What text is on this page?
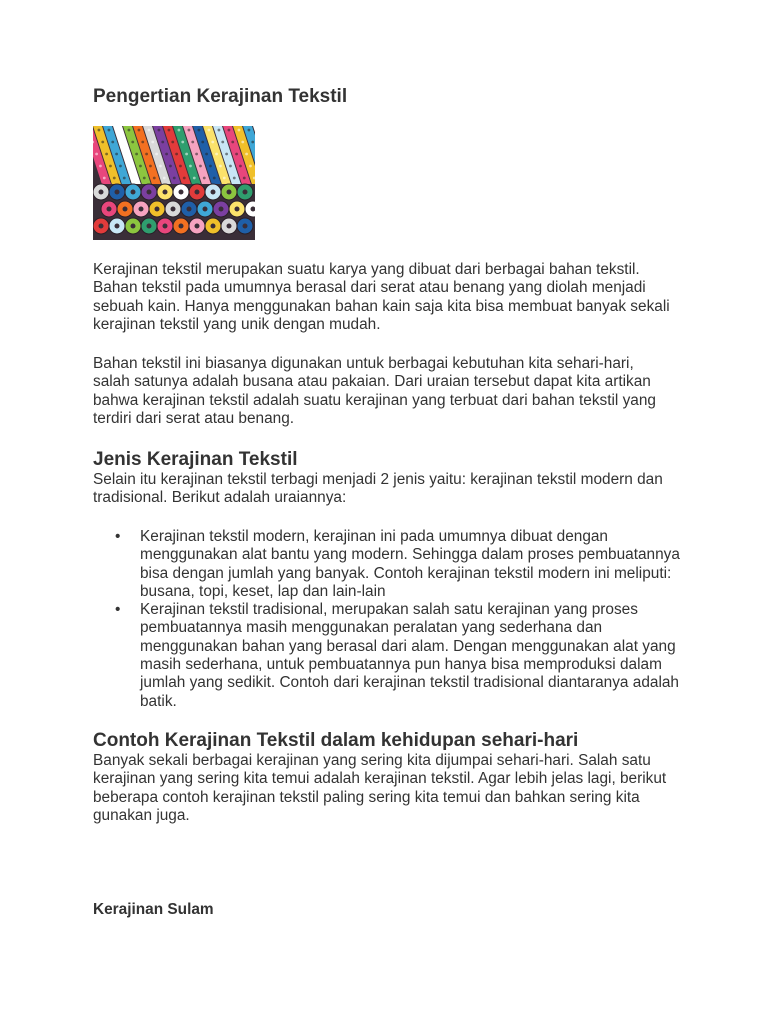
Pengertian Kerajinan Tekstil

Kerajinan tekstil merupakan suatu karya yang dibuat dari berbagai bahan tekstil. Bahan tekstil pada umumnya berasal dari serat atau benang yang diolah menjadi sebuah kain. Hanya menggunakan bahan kain saja kita bisa membuat banyak sekali kerajinan tekstil yang unik dengan mudah.

Bahan tekstil ini biasanya digunakan untuk berbagai kebutuhan kita sehari-hari, salah satunya adalah busana atau pakaian. Dari uraian tersebut dapat kita artikan bahwa kerajinan tekstil adalah suatu kerajinan yang terbuat dari bahan tekstil yang terdiri dari serat atau benang.

Jenis Kerajinan Tekstil

Selain itu kerajinan tekstil terbagi menjadi 2 jenis yaitu: kerajinan tekstil modern dan tradisional. Berikut adalah uraiannya:

• Kerajinan tekstil modern, kerajinan ini pada umumnya dibuat dengan menggunakan alat bantu yang modern. Sehingga dalam proses pembuatannya bisa dengan jumlah yang banyak. Contoh kerajinan tekstil modern ini meliputi: busana, topi, keset, lap dan lain-lain
• Kerajinan tekstil tradisional, merupakan salah satu kerajinan yang proses pembuatannya masih menggunakan peralatan yang sederhana dan menggunakan bahan yang berasal dari alam. Dengan menggunakan alat yang masih sederhana, untuk pembuatannya pun hanya bisa memproduksi dalam jumlah yang sedikit. Contoh dari kerajinan tekstil tradisional diantaranya adalah batik.
Contoh Kerajinan Tekstil dalam kehidupan sehari-hari

Banyak sekali berbagai kerajinan yang sering kita dijumpai sehari-hari. Salah satu kerajinan yang sering kita temui adalah kerajinan tekstil. Agar lebih jelas lagi, berikut beberapa contoh kerajinan tekstil paling sering kita temui dan bahkan sering kita gunakan juga.

Kerajinan Sulam
